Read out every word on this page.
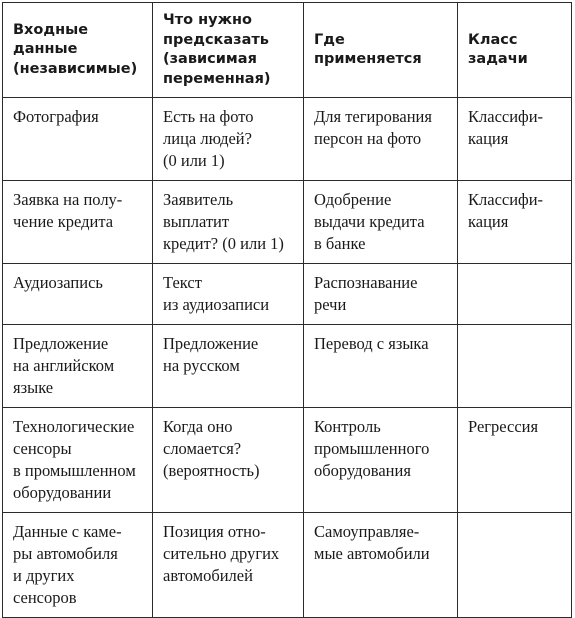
Входные
данные
(независимые)	Что нужно
предсказать
(зависимая
переменная)	Где применяется	Класс
задачи

Фотография	Есть на фото
лица людей?
(0 или 1)	Для тегирования
персон на фото	Классифи-
кация

Заявка на полу-
чение кредита	Заявитель
выплатит
кредит? (0 или 1)	Одобрение
выдачи кредита
в банке	Классифи-
кация

Аудиозапись	Текст
из аудиозаписи	Распознавание
речи	

Предложение
на английском
языке	Предложение
на русском	Перевод с языка	

Технологические
сенсоры
в промышленном
оборудовании	Когда оно
сломается?
(вероятность)	Контроль
промышленного
оборудования	Регрессия

Данные с каме-
ры автомобиля
и других
сенсоров	Позиция отно-
сительно других
автомобилей	Самоуправляе-
мые автомобили	
